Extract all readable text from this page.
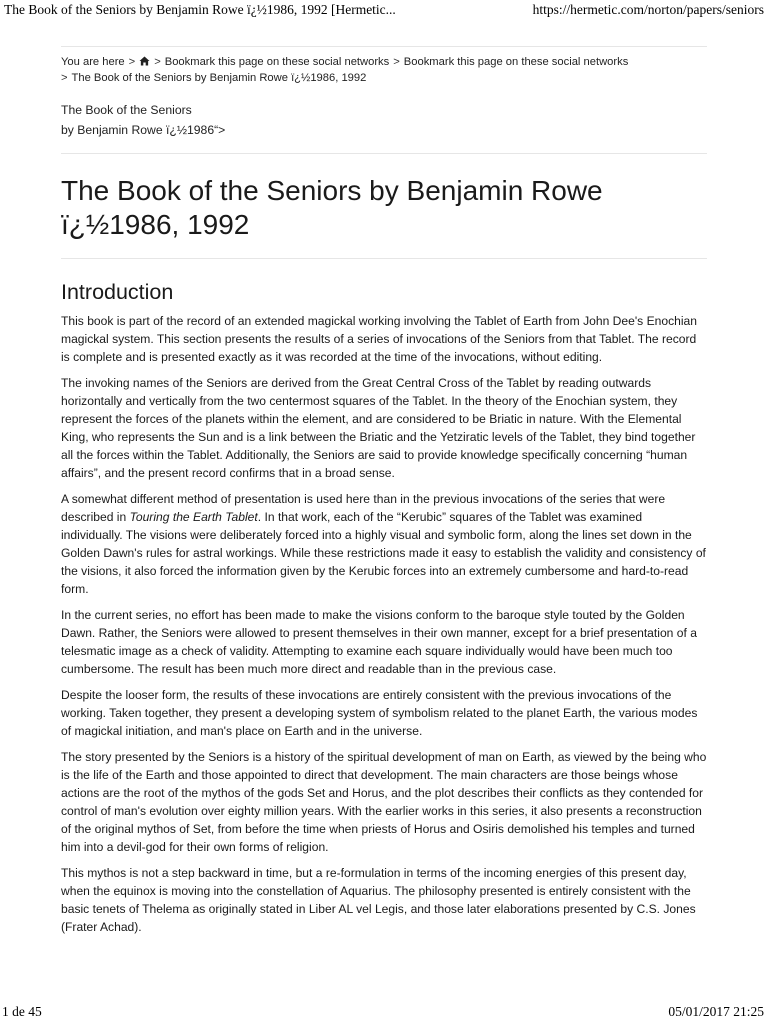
The Book of the Seniors by Benjamin Rowe ï¿½1986, 1992 [Hermetic...	https://hermetic.com/norton/papers/seniors
You are here > > Bookmark this page on these social networks > Bookmark this page on these social networks
> The Book of the Seniors by Benjamin Rowe ï¿½1986, 1992
The Book of the Seniors
by Benjamin Rowe ï¿½1986“>
The Book of the Seniors by Benjamin Rowe ï¿½1986, 1992
Introduction

This book is part of the record of an extended magickal working involving the Tablet of Earth from John Dee's Enochian magickal system. This section presents the results of a series of invocations of the Seniors from that Tablet. The record is complete and is presented exactly as it was recorded at the time of the invocations, without editing.

The invoking names of the Seniors are derived from the Great Central Cross of the Tablet by reading outwards horizontally and vertically from the two centermost squares of the Tablet. In the theory of the Enochian system, they represent the forces of the planets within the element, and are considered to be Briatic in nature. With the Elemental King, who represents the Sun and is a link between the Briatic and the Yetziratic levels of the Tablet, they bind together all the forces within the Tablet. Additionally, the Seniors are said to provide knowledge specifically concerning “human affairs”, and the present record confirms that in a broad sense.

A somewhat different method of presentation is used here than in the previous invocations of the series that were described in Touring the Earth Tablet. In that work, each of the “Kerubic” squares of the Tablet was examined individually. The visions were deliberately forced into a highly visual and symbolic form, along the lines set down in the Golden Dawn's rules for astral workings. While these restrictions made it easy to establish the validity and consistency of the visions, it also forced the information given by the Kerubic forces into an extremely cumbersome and hard-to-read form.

In the current series, no effort has been made to make the visions conform to the baroque style touted by the Golden Dawn. Rather, the Seniors were allowed to present themselves in their own manner, except for a brief presentation of a telesmatic image as a check of validity. Attempting to examine each square individually would have been much too cumbersome. The result has been much more direct and readable than in the previous case.

Despite the looser form, the results of these invocations are entirely consistent with the previous invocations of the working. Taken together, they present a developing system of symbolism related to the planet Earth, the various modes of magickal initiation, and man's place on Earth and in the universe.

The story presented by the Seniors is a history of the spiritual development of man on Earth, as viewed by the being who is the life of the Earth and those appointed to direct that development. The main characters are those beings whose actions are the root of the mythos of the gods Set and Horus, and the plot describes their conflicts as they contended for control of man's evolution over eighty million years. With the earlier works in this series, it also presents a reconstruction of the original mythos of Set, from before the time when priests of Horus and Osiris demolished his temples and turned him into a devil-god for their own forms of religion.

This mythos is not a step backward in time, but a re-formulation in terms of the incoming energies of this present day, when the equinox is moving into the constellation of Aquarius. The philosophy presented is entirely consistent with the basic tenets of Thelema as originally stated in Liber AL vel Legis, and those later elaborations presented by C.S. Jones (Frater Achad).

1 de 45	05/01/2017 21:25
